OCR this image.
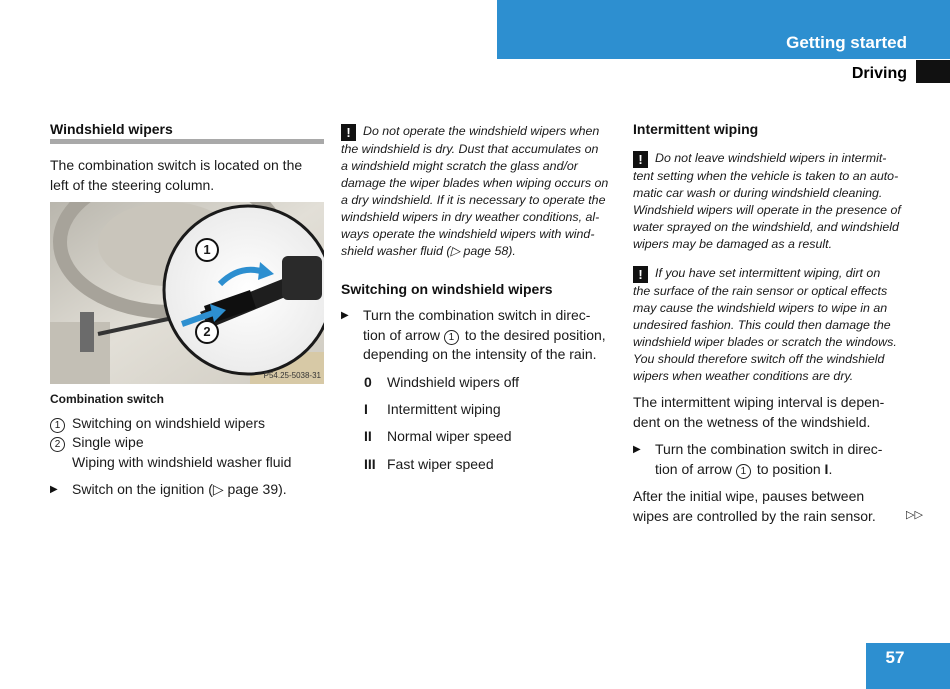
Getting started
Driving
Windshield wipers
The combination switch is located on the
left of the steering column.
1
2
P54.25-5038-31
Combination switch
1 Switching on windshield wipers
2 Single wipe
Wiping with windshield washer fluid
▶	Switch on the ignition (▷ page 39).
! Do not operate the windshield wipers when
the windshield is dry. Dust that accumulates on
a windshield might scratch the glass and/or
damage the wiper blades when wiping occurs on
a dry windshield. If it is necessary to operate the
windshield wipers in dry weather conditions, al-
ways operate the windshield wipers with wind-
shield washer fluid (▷ page 58).
Switching on windshield wipers
▶	Turn the combination switch in direc-
tion of arrow 1 to the desired position,
depending on the intensity of the rain.
0	Windshield wipers off
I	Intermittent wiping
II	Normal wiper speed
III Fast wiper speed
Intermittent wiping
! Do not leave windshield wipers in intermit-
tent setting when the vehicle is taken to an auto-
matic car wash or during windshield cleaning.
Windshield wipers will operate in the presence of
water sprayed on the windshield, and windshield
wipers may be damaged as a result.
! If you have set intermittent wiping, dirt on
the surface of the rain sensor or optical effects
may cause the windshield wipers to wipe in an
undesired fashion. This could then damage the
windshield wiper blades or scratch the windows.
You should therefore switch off the windshield
wipers when weather conditions are dry.
The intermittent wiping interval is depen-
dent on the wetness of the windshield.
▶	Turn the combination switch in direc-
tion of arrow 1 to position I.
After the initial wipe, pauses between
wipes are controlled by the rain sensor.	▷▷
57
